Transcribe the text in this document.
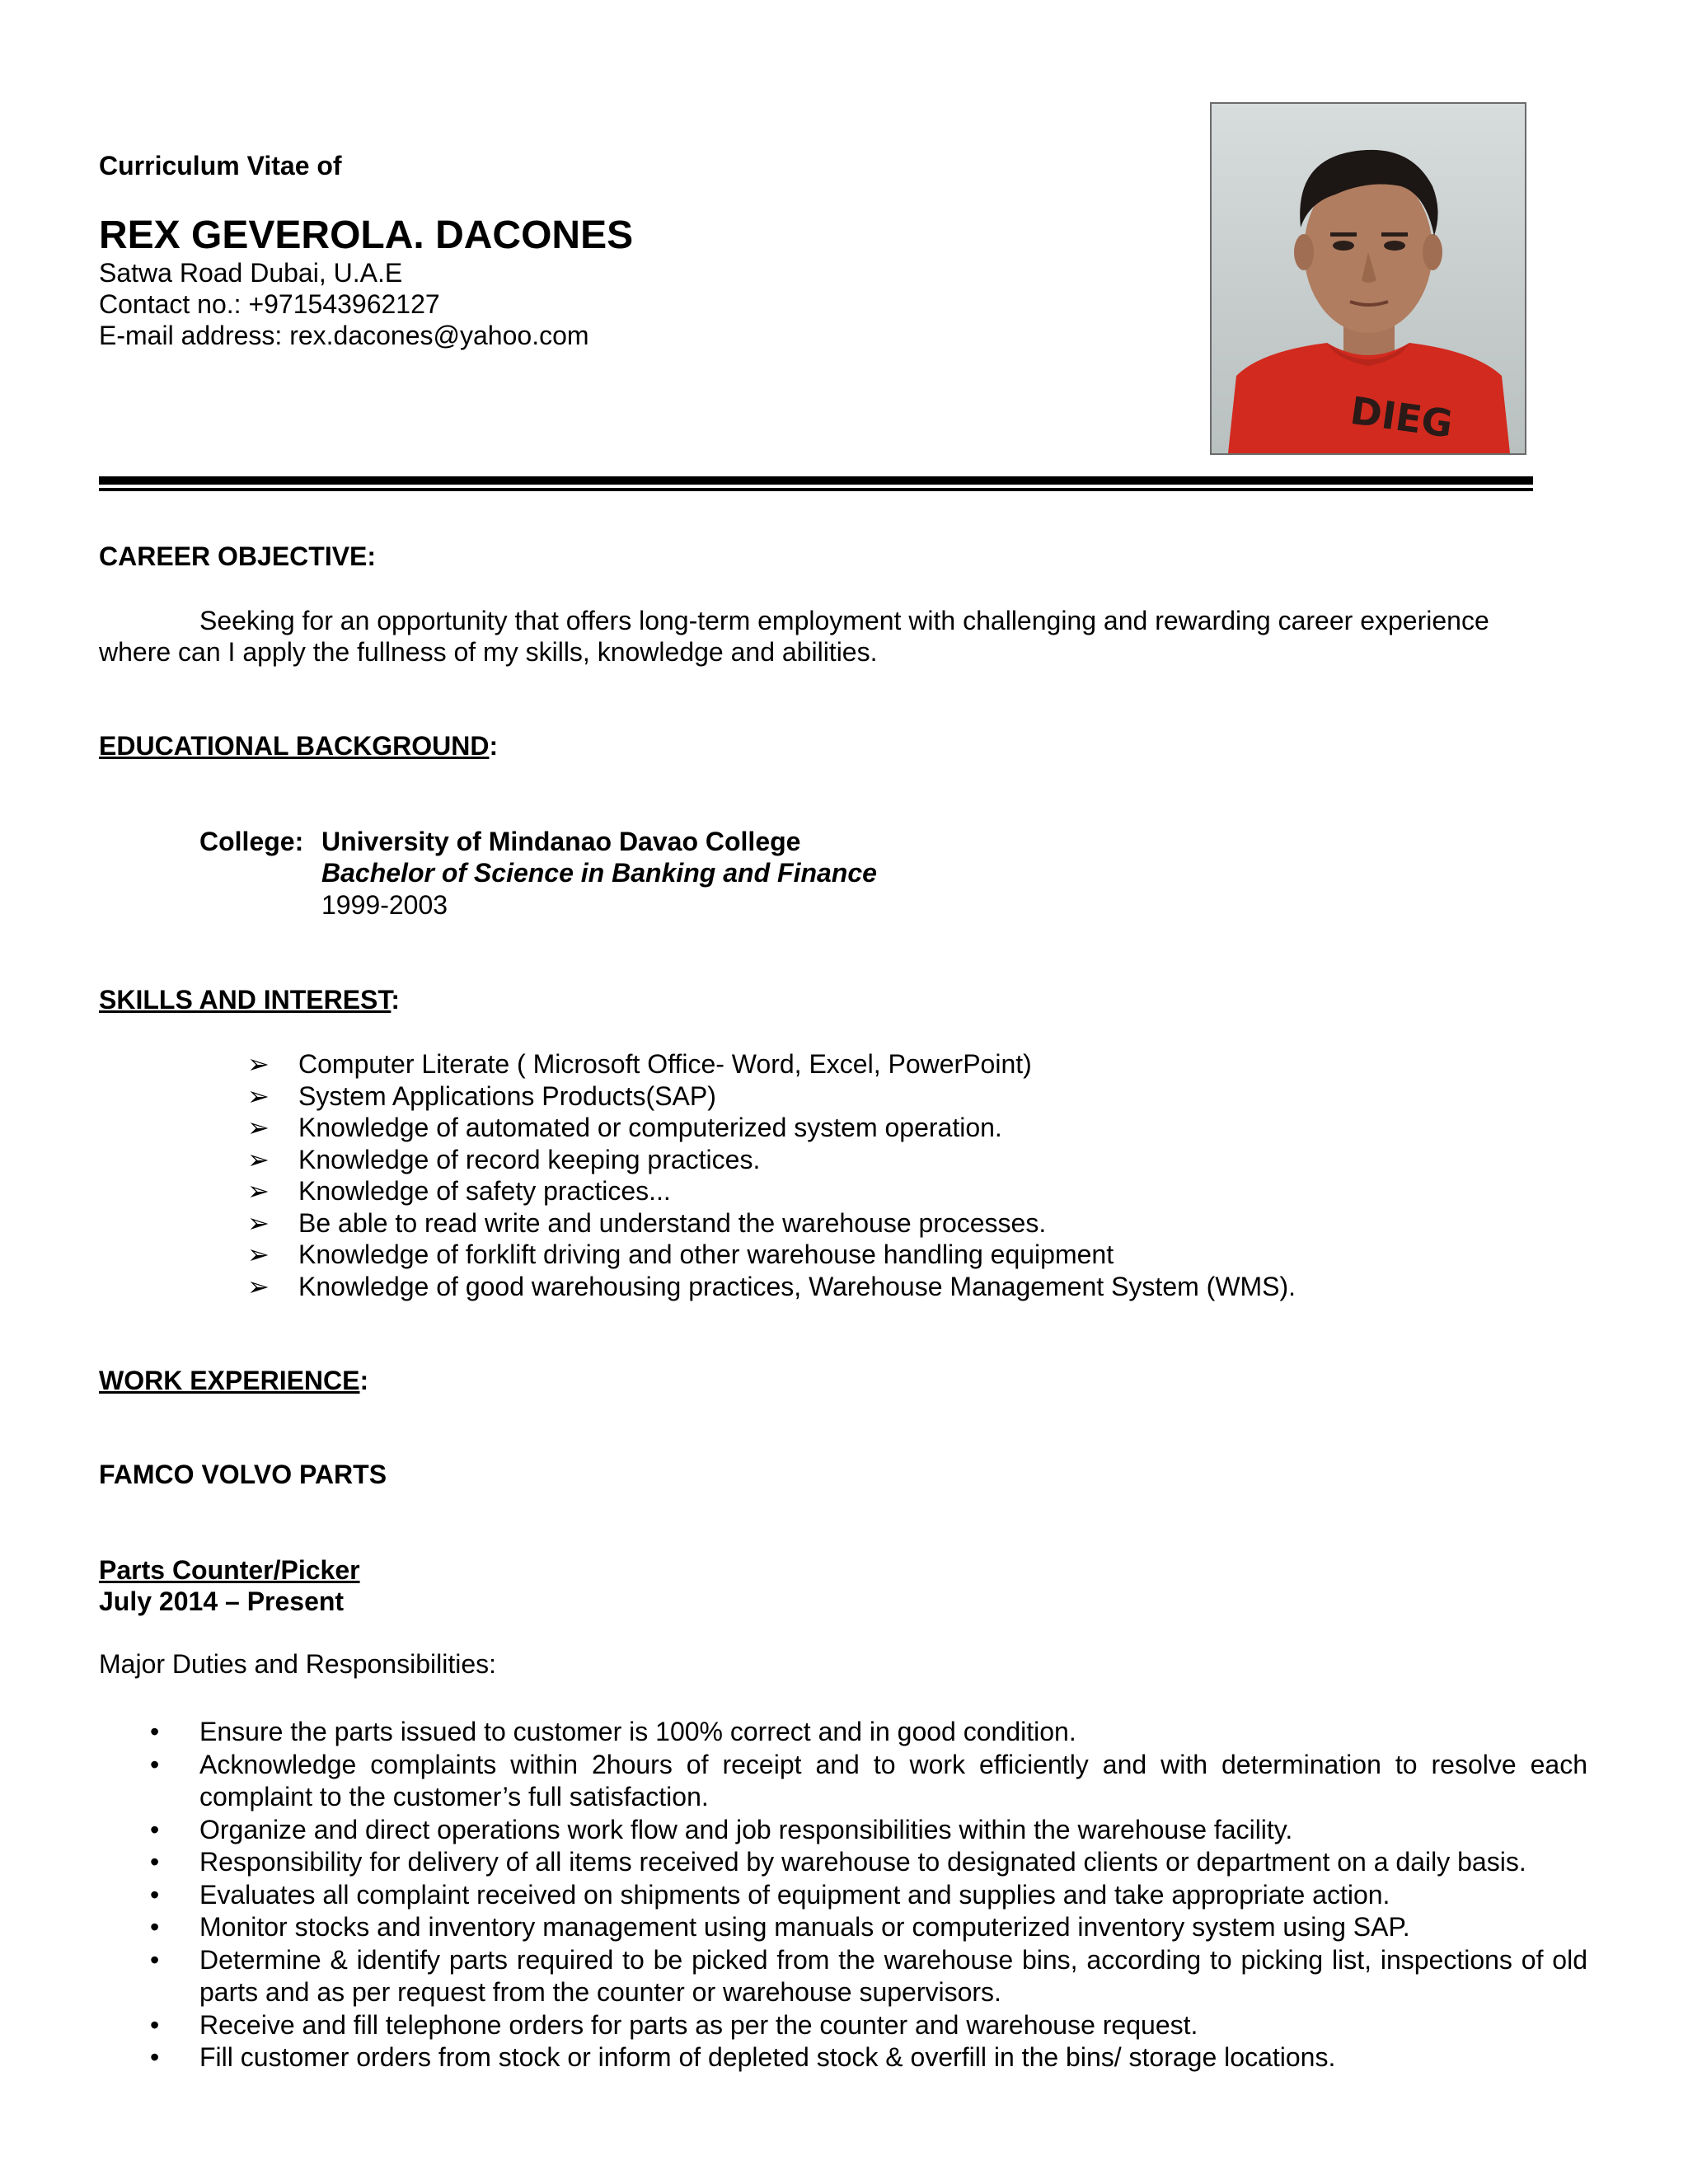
Curriculum Vitae of
REX GEVEROLA. DACONES
Satwa Road Dubai, U.A.E
Contact no.: +971543962127
E-mail address: rex.dacones@yahoo.com
DIEG
CAREER OBJECTIVE:
Seeking for an opportunity that offers long-term employment with challenging and rewarding career experience where can I apply the fullness of my skills, knowledge and abilities.
EDUCATIONAL BACKGROUND:
College: University of Mindanao Davao College
Bachelor of Science in Banking and Finance
1999-2003
SKILLS AND INTEREST:
➢ Computer Literate ( Microsoft Office- Word, Excel, PowerPoint)
➢ System Applications Products(SAP)
➢ Knowledge of automated or computerized system operation.
➢ Knowledge of record keeping practices.
➢ Knowledge of safety practices...
➢ Be able to read write and understand the warehouse processes.
➢ Knowledge of forklift driving and other warehouse handling equipment
➢ Knowledge of good warehousing practices, Warehouse Management System (WMS).
WORK EXPERIENCE:
FAMCO VOLVO PARTS
Parts Counter/Picker
July 2014 – Present
Major Duties and Responsibilities:
• Ensure the parts issued to customer is 100% correct and in good condition.
• Acknowledge complaints within 2hours of receipt and to work efficiently and with determination to resolve each complaint to the customer’s full satisfaction.
• Organize and direct operations work flow and job responsibilities within the warehouse facility.
• Responsibility for delivery of all items received by warehouse to designated clients or department on a daily basis.
• Evaluates all complaint received on shipments of equipment and supplies and take appropriate action.
• Monitor stocks and inventory management using manuals or computerized inventory system using SAP.
• Determine & identify parts required to be picked from the warehouse bins, according to picking list, inspections of old parts and as per request from the counter or warehouse supervisors.
• Receive and fill telephone orders for parts as per the counter and warehouse request.
• Fill customer orders from stock or inform of depleted stock & overfill in the bins/ storage locations.
